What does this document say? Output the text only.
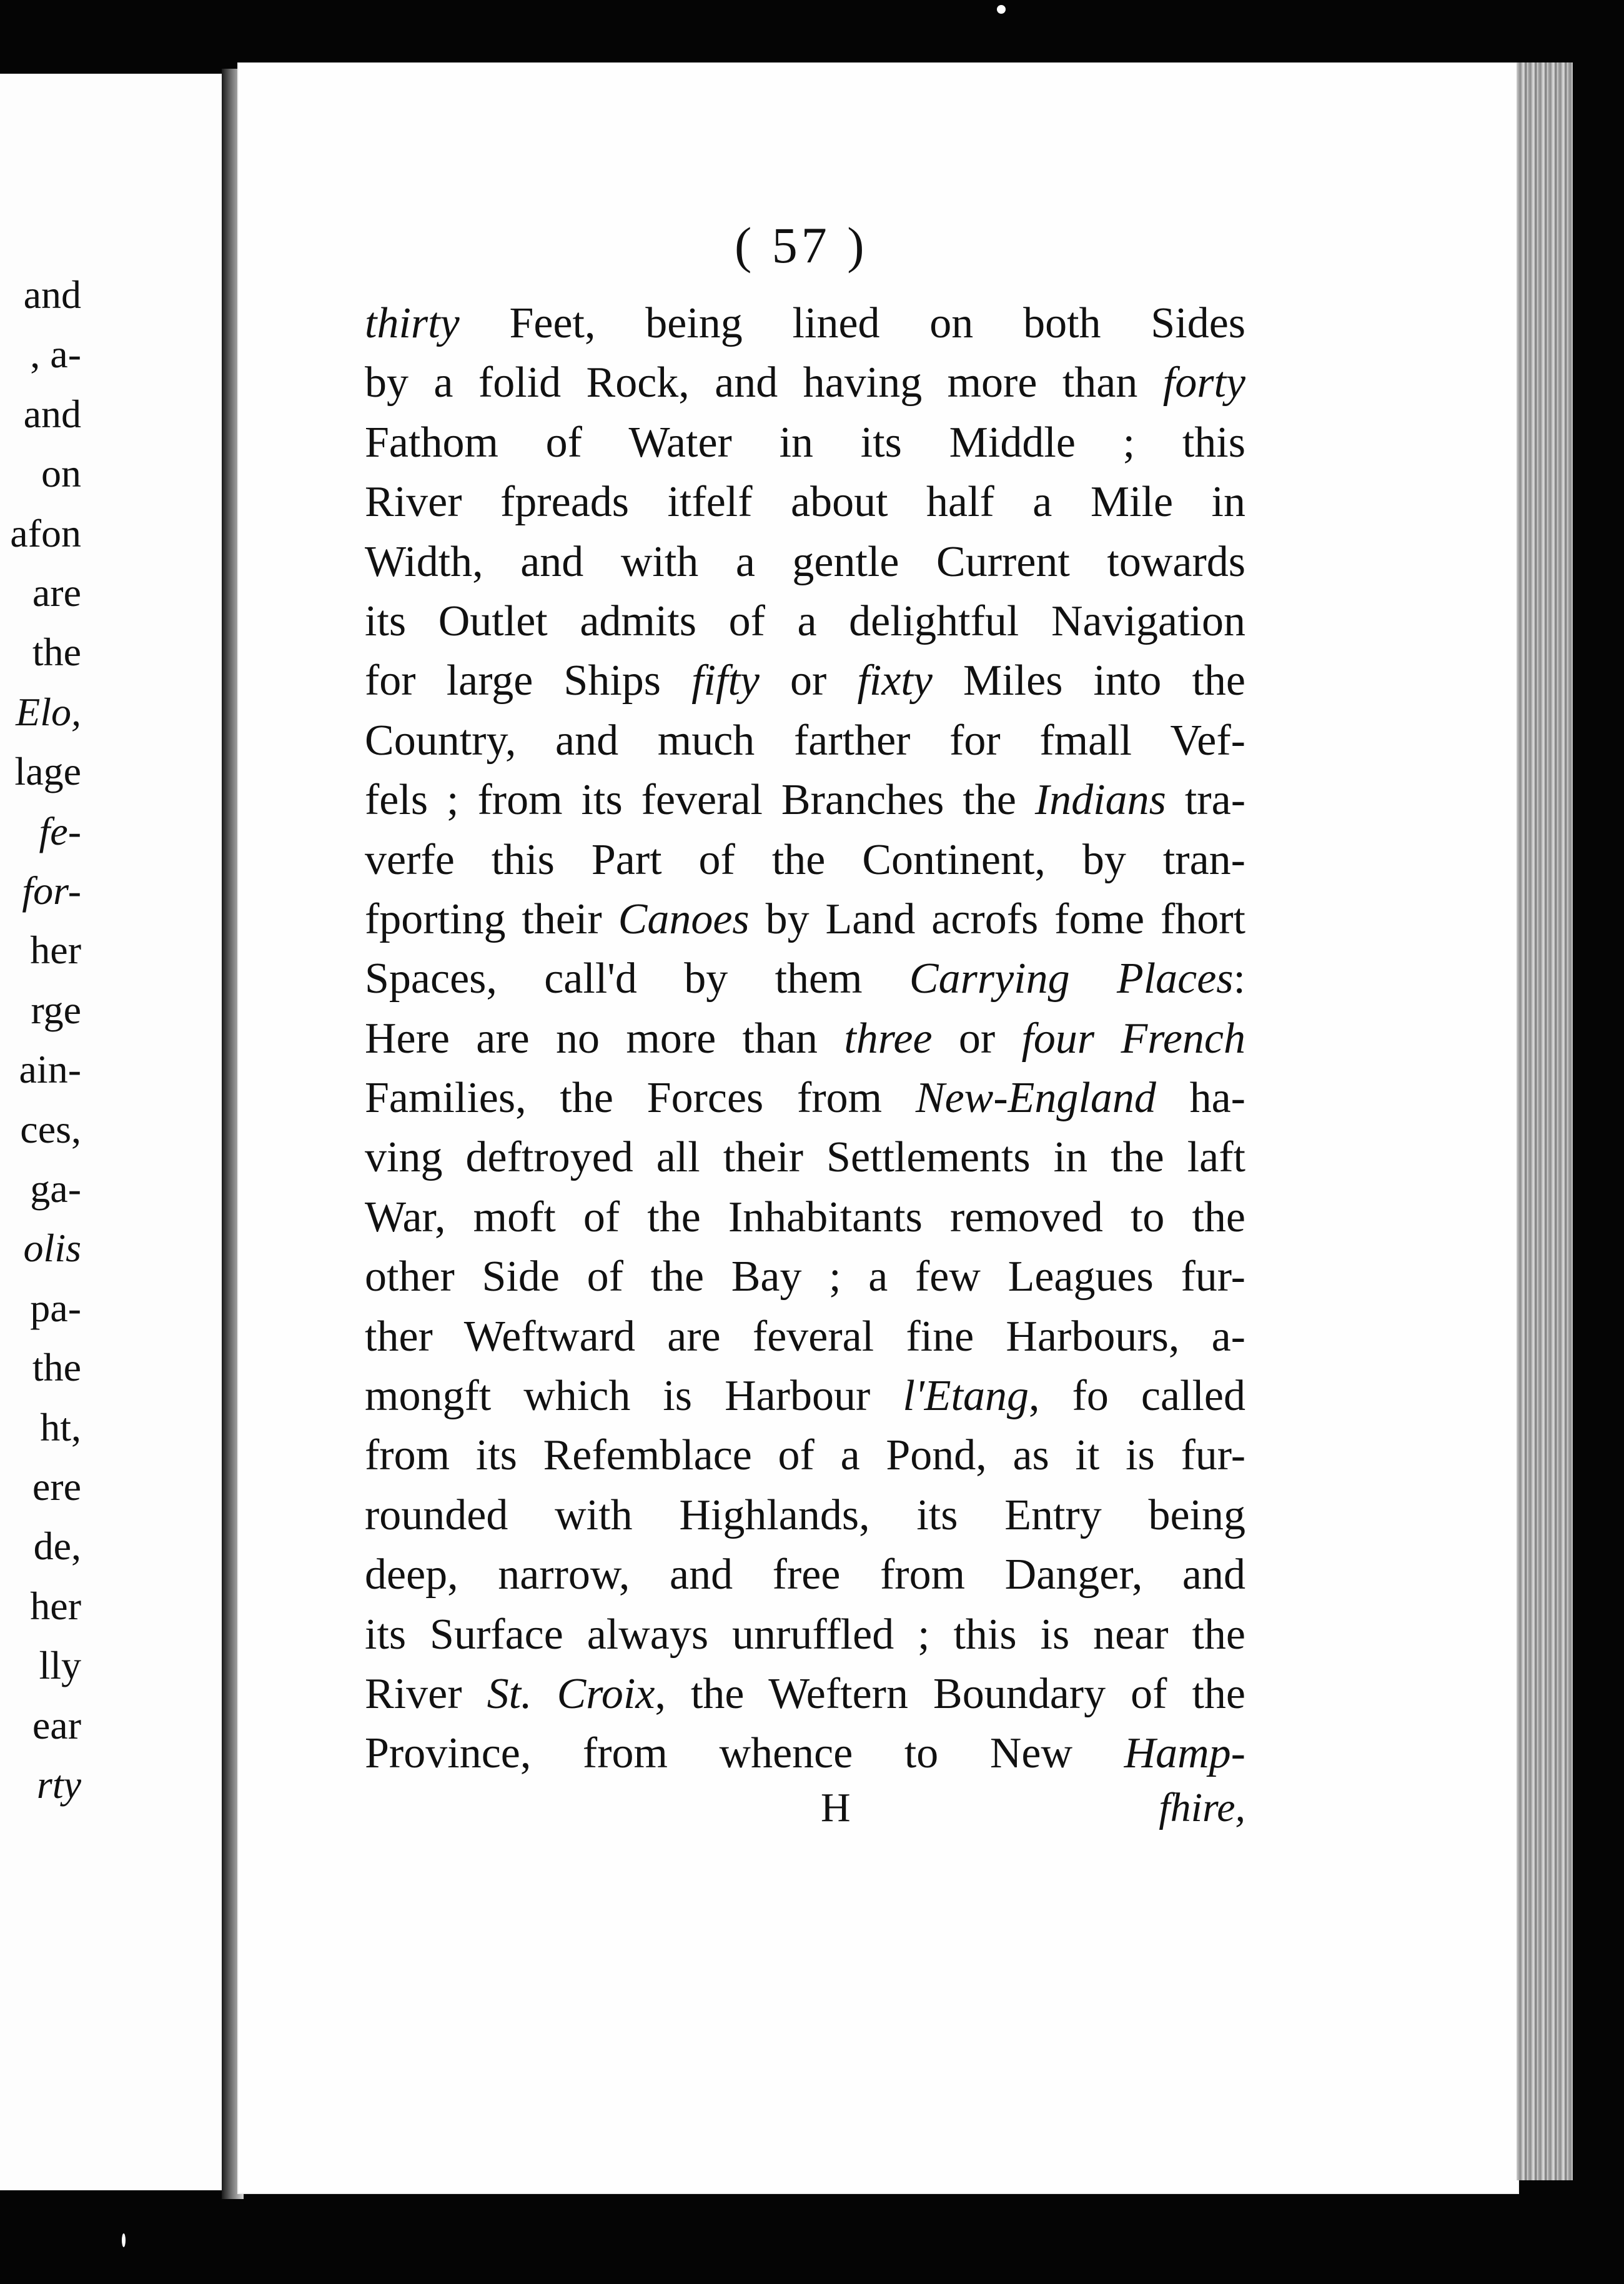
and
, a-
and
on
afon
are
the
Elo,
lage
fe-
for-
her
rge
ain-
ces,
ga-
olis
pa-
the
ht,
ere
de,
her
lly
ear
rty
( 57 )
thirty Feet, being lined on both Sides
by a folid Rock, and having more than forty
Fathom of Water in its Middle ; this
River fpreads itfelf about half a Mile in
Width, and with a gentle Current towards
its Outlet admits of a delightful Navigation
for large Ships fifty or fixty Miles into the
Country, and much farther for fmall Vef-
fels ; from its feveral Branches the Indians tra-
verfe this Part of the Continent, by tran-
fporting their Canoes by Land acrofs fome fhort
Spaces, call'd by them Carrying Places:
Here are no more than three or four French
Families, the Forces from New-England ha-
ving deftroyed all their Settlements in the laft
War, moft of the Inhabitants removed to the
other Side of the Bay ; a few Leagues fur-
ther Weftward are feveral fine Harbours, a-
mongft which is Harbour l'Etang, fo called
from its Refemblace of a Pond, as it is fur-
rounded with Highlands, its Entry being
deep, narrow, and free from Danger, and
its Surface always unruffled ; this is near the
River St. Croix, the Weftern Boundary of the
Province, from whence to New Hamp-
H	fhire,
